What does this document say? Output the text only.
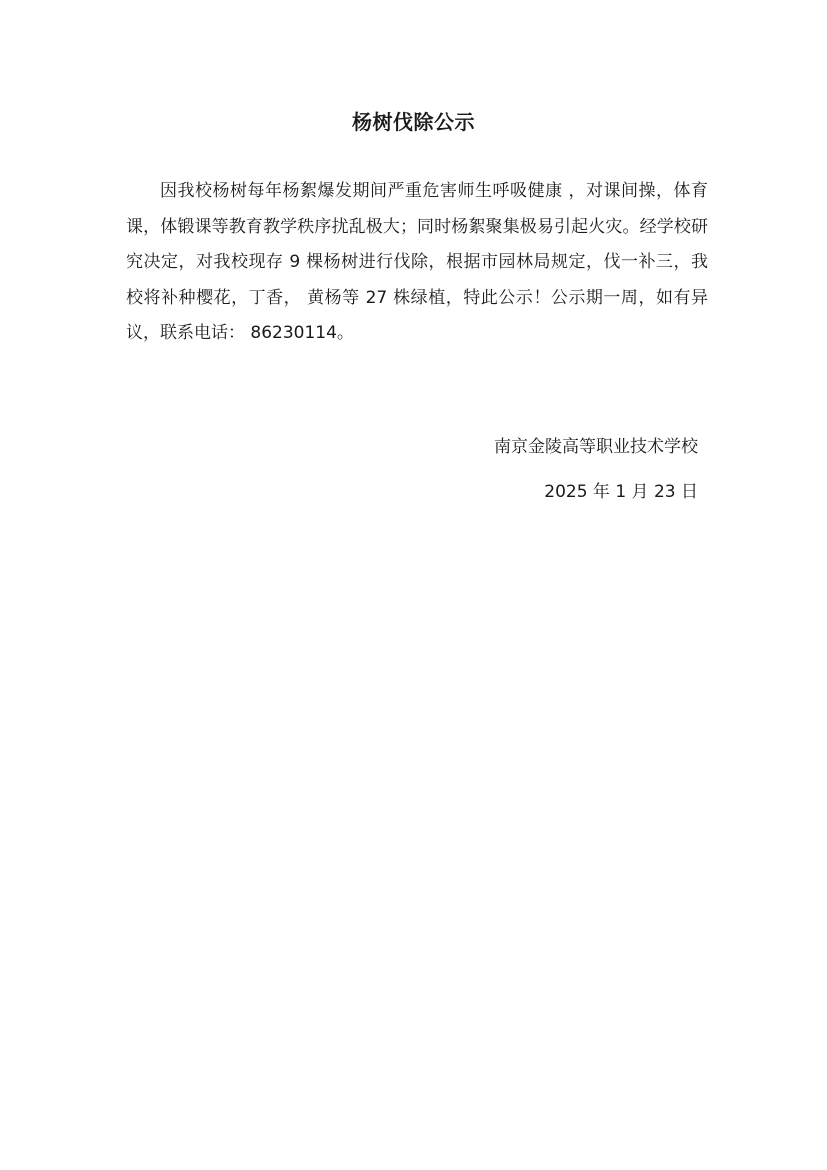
杨树伐除公示

因我校杨树每年杨絮爆发期间严重危害师生呼吸健康 ，对课间操，体育课，体锻课等教育教学秩序扰乱极大；同时杨絮聚集极易引起火灾。经学校研究决定，对我校现存 9 棵杨树进行伐除，根据市园林局规定，伐一补三，我校将补种樱花，丁香， 黄杨等 27 株绿植，特此公示！公示期一周，如有异议，联系电话： 86230114。

南京金陵高等职业技术学校
2025 年 1 月 23 日
